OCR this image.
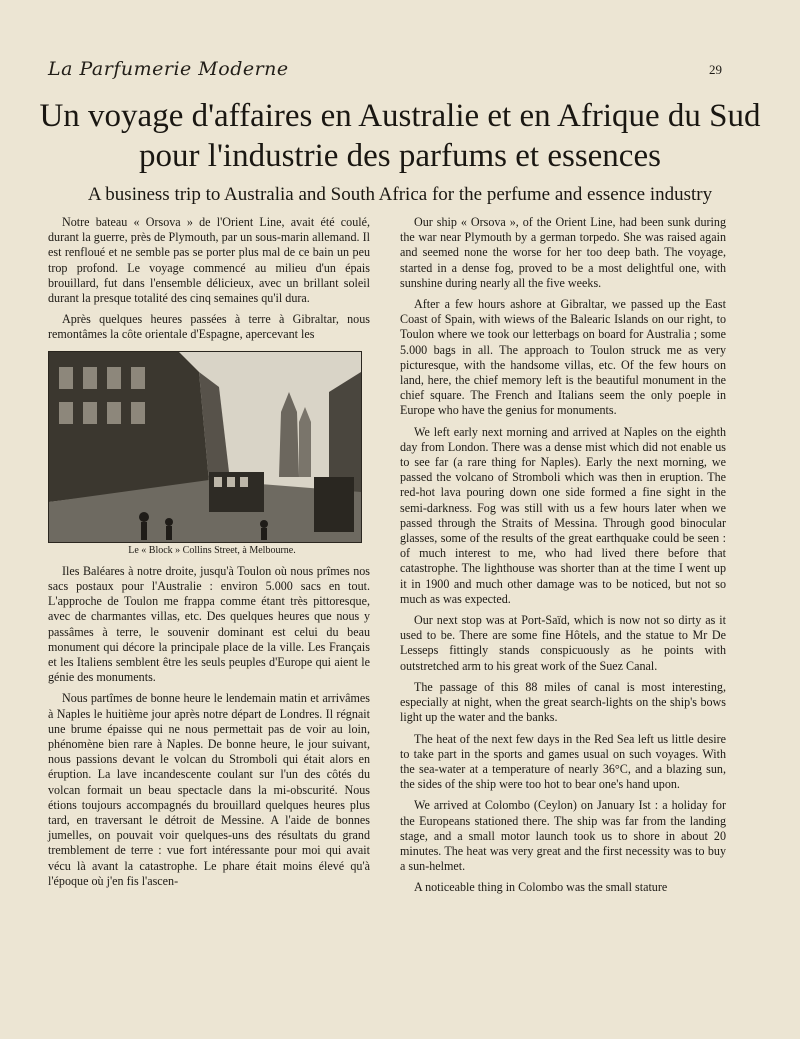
La Parfumerie Moderne	29
Un voyage d'affaires en Australie et en Afrique du Sud
pour l'industrie des parfums et essences
A business trip to Australia and South Africa for the perfume and essence industry

Notre bateau « Orsova » de l'Orient Line, avait été coulé, durant la guerre, près de Plymouth, par un sous-marin allemand. Il est renfloué et ne semble pas se porter plus mal de ce bain un peu trop profond. Le voyage commencé au milieu d'un épais brouillard, fut dans l'ensemble délicieux, avec un brillant soleil durant la presque totalité des cinq semaines qu'il dura.

Après quelques heures passées à terre à Gibraltar, nous remontâmes la côte orientale d'Espagne, apercevant les

Le « Block » Collins Street, à Melbourne.

Iles Baléares à notre droite, jusqu'à Toulon où nous prîmes nos sacs postaux pour l'Australie : environ 5.000 sacs en tout. L'approche de Toulon me frappa comme étant très pittoresque, avec de charmantes villas, etc. Des quelques heures que nous y passâmes à terre, le souvenir dominant est celui du beau monument qui décore la principale place de la ville. Les Français et les Italiens semblent être les seuls peuples d'Europe qui aient le génie des monuments.

Nous partîmes de bonne heure le lendemain matin et arrivâmes à Naples le huitième jour après notre départ de Londres. Il régnait une brume épaisse qui ne nous permettait pas de voir au loin, phénomène bien rare à Naples. De bonne heure, le jour suivant, nous passions devant le volcan du Stromboli qui était alors en éruption. La lave incandescente coulant sur l'un des côtés du volcan formait un beau spectacle dans la mi-obscurité. Nous étions toujours accompagnés du brouillard quelques heures plus tard, en traversant le détroit de Messine. A l'aide de bonnes jumelles, on pouvait voir quelques-uns des résultats du grand tremblement de terre : vue fort intéressante pour moi qui avait vécu là avant la catastrophe. Le phare était moins élevé qu'à l'époque où j'en fis l'ascen-

Our ship « Orsova », of the Orient Line, had been sunk during the war near Plymouth by a german torpedo. She was raised again and seemed none the worse for her too deep bath. The voyage, started in a dense fog, proved to be a most delightful one, with sunshine during nearly all the five weeks.

After a few hours ashore at Gibraltar, we passed up the East Coast of Spain, with wiews of the Balearic Islands on our right, to Toulon where we took our letterbags on board for Australia ; some 5.000 bags in all. The approach to Toulon struck me as very picturesque, with the handsome villas, etc. Of the few hours on land, here, the chief memory left is the beautiful monument in the chief square. The French and Italians seem the only poeple in Europe who have the genius for monuments.

We left early next morning and arrived at Naples on the eighth day from London. There was a dense mist which did not enable us to see far (a rare thing for Naples). Early the next morning, we passed the volcano of Stromboli which was then in eruption. The red-hot lava pouring down one side formed a fine sight in the semi-darkness. Fog was still with us a few hours later when we passed through the Straits of Messina. Through good binocular glasses, some of the results of the great earthquake could be seen : of much interest to me, who had lived there before that catastrophe. The lighthouse was shorter than at the time I went up it in 1900 and much other damage was to be noticed, but not so much as was expected.

Our next stop was at Port-Saïd, which is now not so dirty as it used to be. There are some fine Hôtels, and the statue to Mr De Lesseps fittingly stands conspicuously as he points with outstretched arm to his great work of the Suez Canal.

The passage of this 88 miles of canal is most interesting, especially at night, when the great search-lights on the ship's bows light up the water and the banks.

The heat of the next few days in the Red Sea left us little desire to take part in the sports and games usual on such voyages. With the sea-water at a temperature of nearly 36°C, and a blazing sun, the sides of the ship were too hot to bear one's hand upon.

We arrived at Colombo (Ceylon) on January Ist : a holiday for the Europeans stationed there. The ship was far from the landing stage, and a small motor launch took us to shore in about 20 minutes. The heat was very great and the first necessity was to buy a sun-helmet.

A noticeable thing in Colombo was the small stature
